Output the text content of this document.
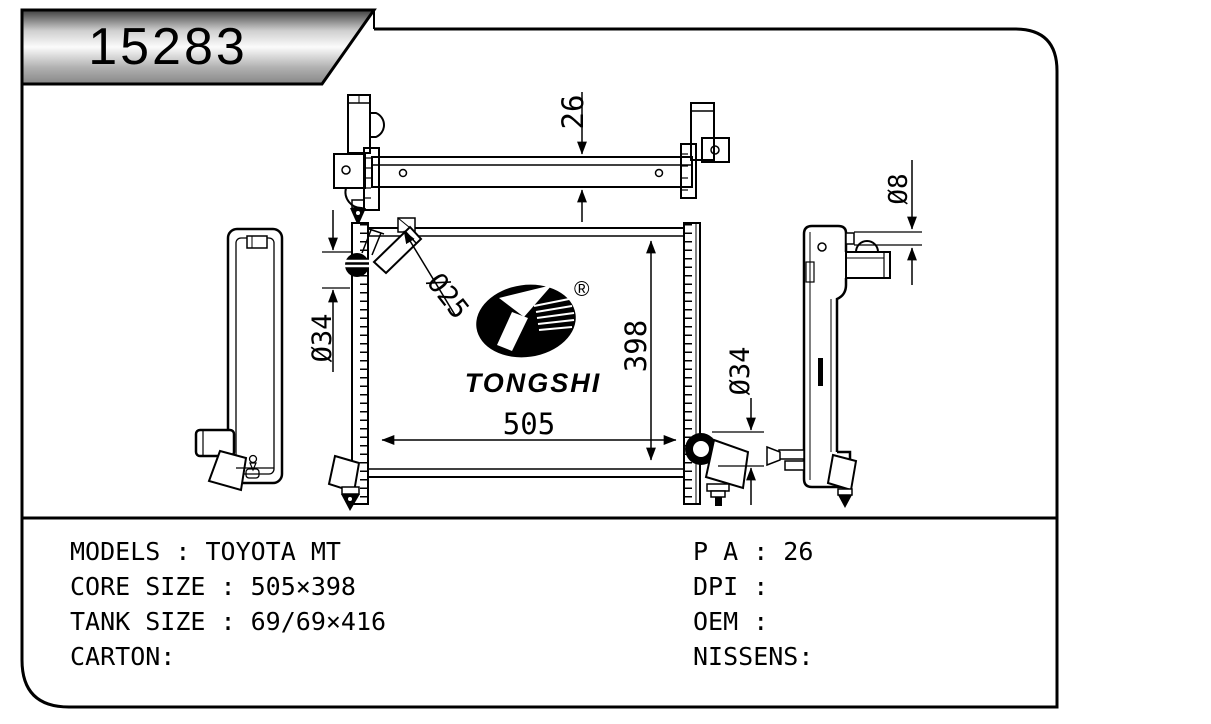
15283
26
Ø34
Ø25
398
505
Ø34
Ø8
®
TONGSHI
MODELS : TOYOTA MT
CORE SIZE : 505×398
TANK SIZE : 69/69×416
CARTON:
P A : 26
DPI :
OEM :
NISSENS:
